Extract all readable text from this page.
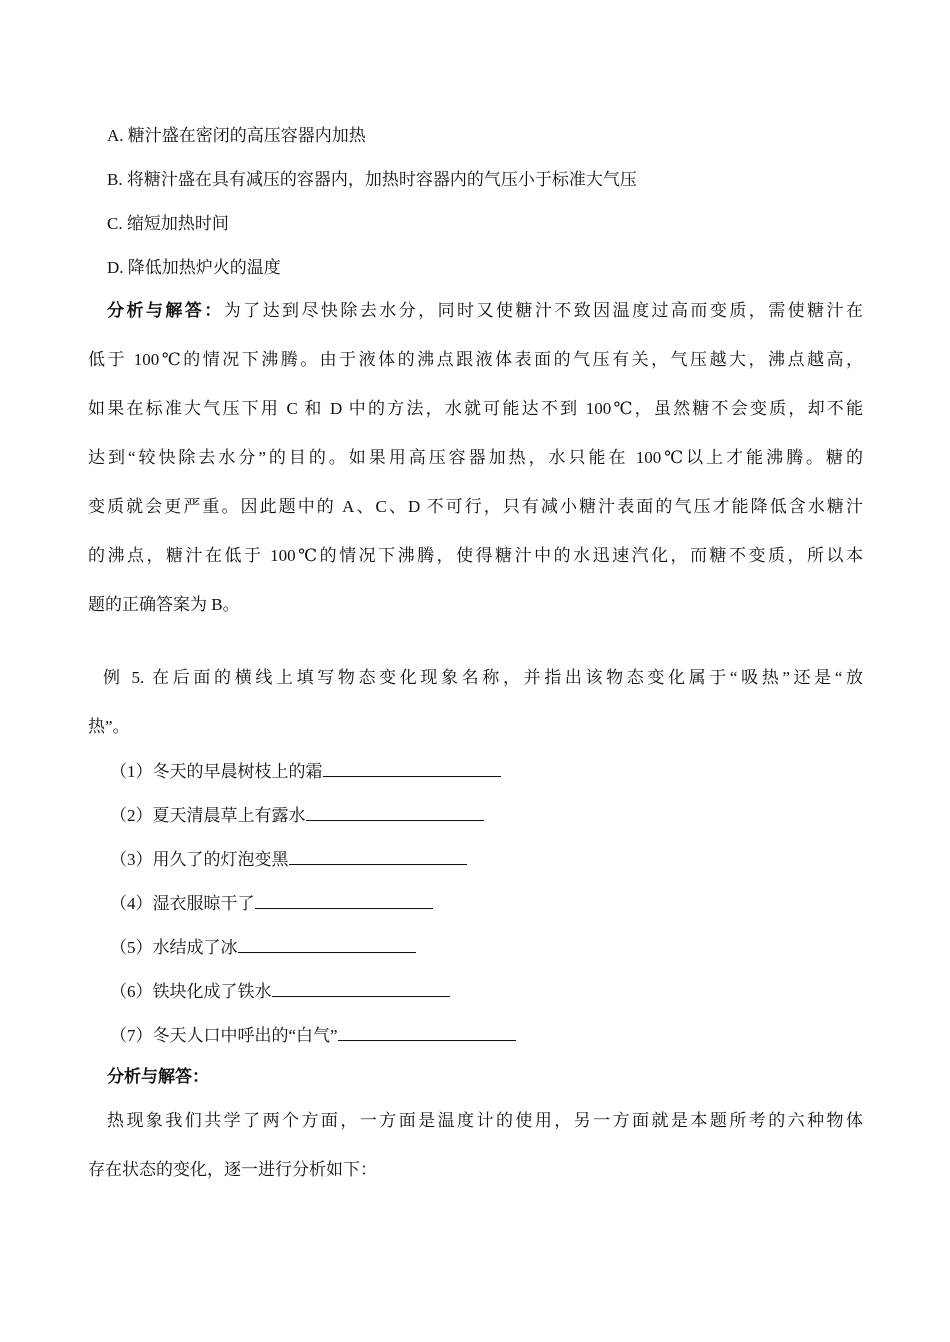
A. 糖汁盛在密闭的高压容器内加热
B. 将糖汁盛在具有减压的容器内，加热时容器内的气压小于标准大气压
C. 缩短加热时间
D. 降低加热炉火的温度
分析与解答：为了达到尽快除去水分，同时又使糖汁不致因温度过高而变质，需使糖汁在
低于 100℃的情况下沸腾。由于液体的沸点跟液体表面的气压有关，气压越大，沸点越高，
如果在标准大气压下用 C 和 D 中的方法，水就可能达不到 100℃，虽然糖不会变质，却不能
达到“较快除去水分”的目的。如果用高压容器加热，水只能在 100℃以上才能沸腾。糖的
变质就会更严重。因此题中的 A、C、D 不可行，只有减小糖汁表面的气压才能降低含水糖汁
的沸点，糖汁在低于 100℃的情况下沸腾，使得糖汁中的水迅速汽化，而糖不变质，所以本
题的正确答案为 B。
例 5. 在后面的横线上填写物态变化现象名称，并指出该物态变化属于“吸热”还是“放
热”。
（1）冬天的早晨树枝上的霜
（2）夏天清晨草上有露水
（3）用久了的灯泡变黑
（4）湿衣服晾干了
（5）水结成了冰
（6）铁块化成了铁水
（7）冬天人口中呼出的“白气”
分析与解答：
热现象我们共学了两个方面，一方面是温度计的使用，另一方面就是本题所考的六种物体
存在状态的变化，逐一进行分析如下：
